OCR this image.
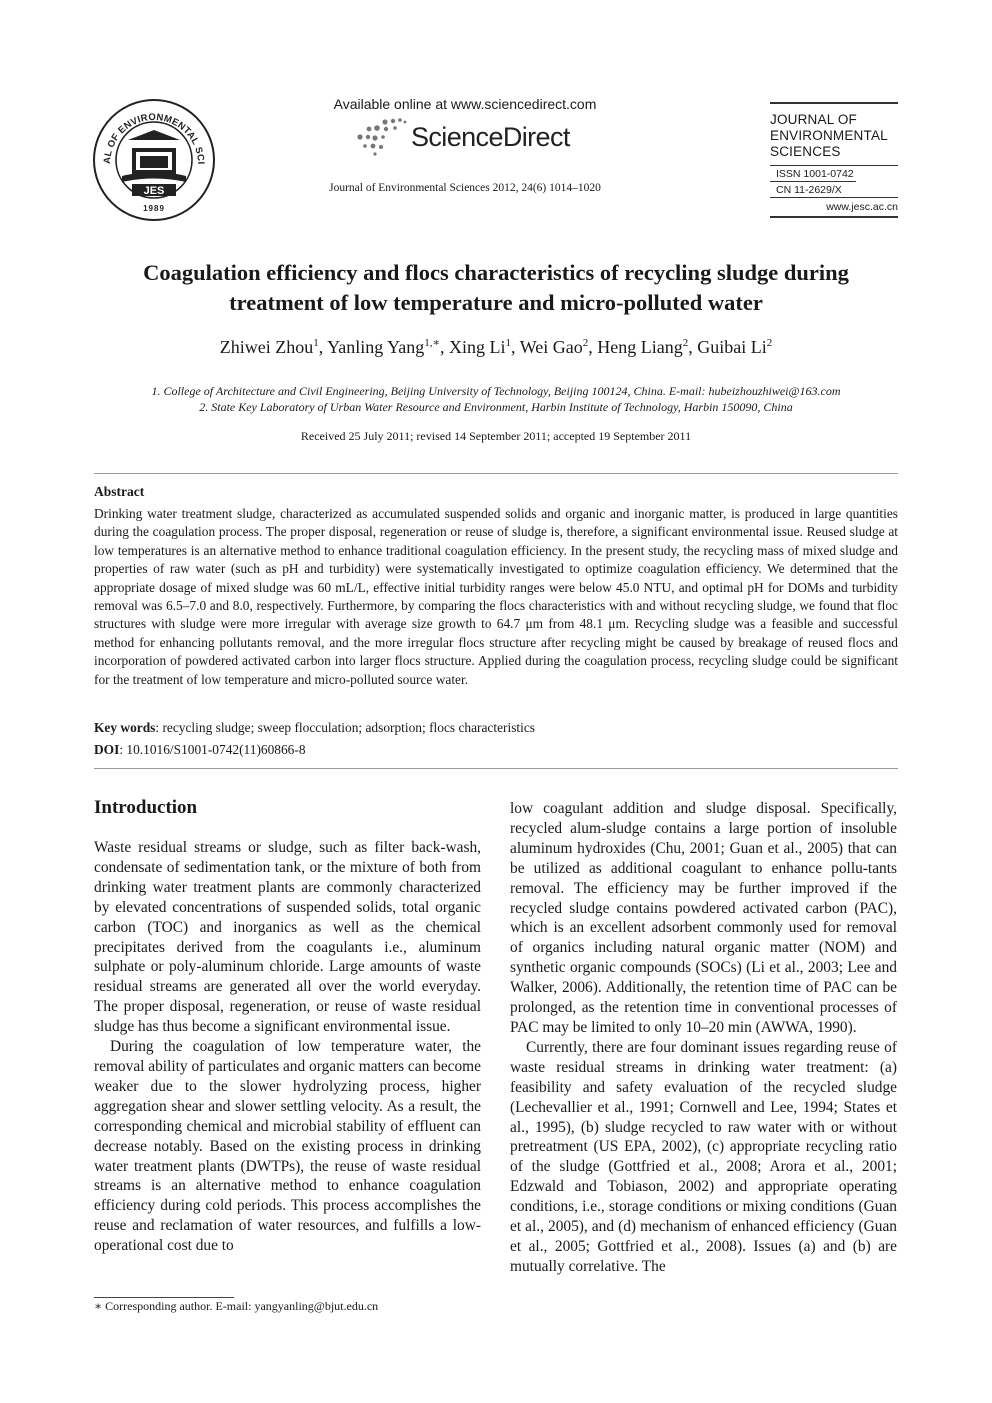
AL OF ENVIRONMENTAL SCI
JES
1989
Available online at www.sciencedirect.com
ScienceDirect
Journal of Environmental Sciences 2012, 24(6) 1014–1020
JOURNAL OF
ENVIRONMENTAL
SCIENCES
ISSN 1001-0742
CN 11-2629/X
www.jesc.ac.cn
Coagulation efficiency and flocs characteristics of recycling sludge during
treatment of low temperature and micro-polluted water
Zhiwei Zhou$^1$, Yanling Yang$^{1,∗}$, Xing Li$^1$, Wei Gao$^2$, Heng Liang$^2$, Guibai Li$^2$
1. College of Architecture and Civil Engineering, Beijing University of Technology, Beijing 100124, China. E-mail: hubeizhouzhiwei@163.com
2. State Key Laboratory of Urban Water Resource and Environment, Harbin Institute of Technology, Harbin 150090, China
Received 25 July 2011; revised 14 September 2011; accepted 19 September 2011
Abstract
Drinking water treatment sludge, characterized as accumulated suspended solids and organic and inorganic matter, is produced in large quantities during the coagulation process. The proper disposal, regeneration or reuse of sludge is, therefore, a significant environmental issue. Reused sludge at low temperatures is an alternative method to enhance traditional coagulation efficiency. In the present study, the recycling mass of mixed sludge and properties of raw water (such as pH and turbidity) were systematically investigated to optimize coagulation efficiency. We determined that the appropriate dosage of mixed sludge was 60 mL/L, effective initial turbidity ranges were below 45.0 NTU, and optimal pH for DOMs and turbidity removal was 6.5–7.0 and 8.0, respectively. Furthermore, by comparing the flocs characteristics with and without recycling sludge, we found that floc structures with sludge were more irregular with average size growth to 64.7 μm from 48.1 μm. Recycling sludge was a feasible and successful method for enhancing pollutants removal, and the more irregular flocs structure after recycling might be caused by breakage of reused flocs and incorporation of powdered activated carbon into larger flocs structure. Applied during the coagulation process, recycling sludge could be significant for the treatment of low temperature and micro-polluted source water.
Key words: recycling sludge; sweep flocculation; adsorption; flocs characteristics
DOI: 10.1016/S1001-0742(11)60866-8
Introduction

Waste residual streams or sludge, such as filter back-wash, condensate of sedimentation tank, or the mixture of both from drinking water treatment plants are commonly characterized by elevated concentrations of suspended solids, total organic carbon (TOC) and inorganics as well as the chemical precipitates derived from the coagulants i.e., aluminum sulphate or poly-aluminum chloride. Large amounts of waste residual streams are generated all over the world everyday. The proper disposal, regeneration, or reuse of waste residual sludge has thus become a significant environmental issue.

During the coagulation of low temperature water, the removal ability of particulates and organic matters can become weaker due to the slower hydrolyzing process, higher aggregation shear and slower settling velocity. As a result, the corresponding chemical and microbial stability of effluent can decrease notably. Based on the existing process in drinking water treatment plants (DWTPs), the reuse of waste residual streams is an alternative method to enhance coagulation efficiency during cold periods. This process accomplishes the reuse and reclamation of water resources, and fulfills a low-operational cost due to

low coagulant addition and sludge disposal. Specifically, recycled alum-sludge contains a large portion of insoluble aluminum hydroxides (Chu, 2001; Guan et al., 2005) that can be utilized as additional coagulant to enhance pollu-tants removal. The efficiency may be further improved if the recycled sludge contains powdered activated carbon (PAC), which is an excellent adsorbent commonly used for removal of organics including natural organic matter (NOM) and synthetic organic compounds (SOCs) (Li et al., 2003; Lee and Walker, 2006). Additionally, the retention time of PAC can be prolonged, as the retention time in conventional processes of PAC may be limited to only 10–20 min (AWWA, 1990).

Currently, there are four dominant issues regarding reuse of waste residual streams in drinking water treatment: (a) feasibility and safety evaluation of the recycled sludge (Lechevallier et al., 1991; Cornwell and Lee, 1994; States et al., 1995), (b) sludge recycled to raw water with or without pretreatment (US EPA, 2002), (c) appropriate recycling ratio of the sludge (Gottfried et al., 2008; Arora et al., 2001; Edzwald and Tobiason, 2002) and appropriate operating conditions, i.e., storage conditions or mixing conditions (Guan et al., 2005), and (d) mechanism of enhanced efficiency (Guan et al., 2005; Gottfried et al., 2008). Issues (a) and (b) are mutually correlative. The

∗ Corresponding author. E-mail: yangyanling@bjut.edu.cn
